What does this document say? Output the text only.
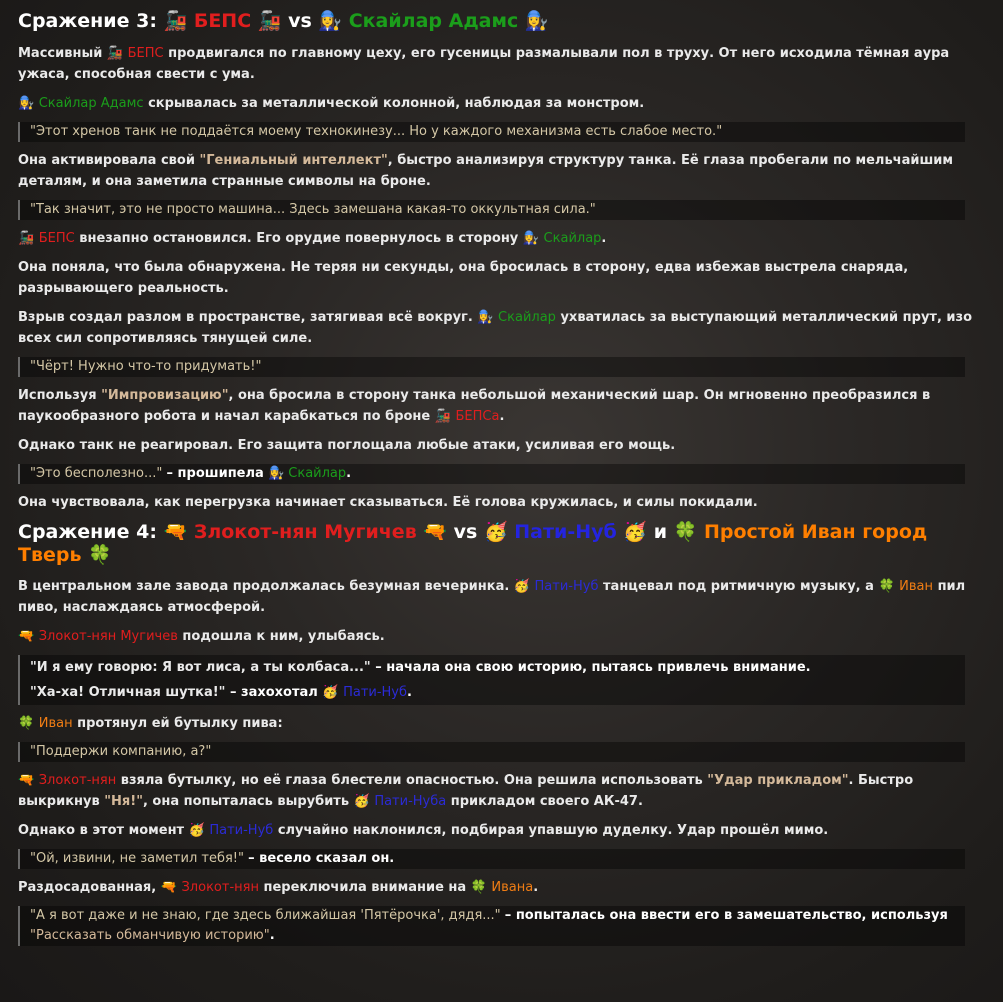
Сражение 3: 🚂 БЕПС 🚂 vs 👩‍🔧 Скайлар Адамс 👩‍🔧

Массивный 🚂 БЕПС продвигался по главному цеху, его гусеницы размалывали пол в труху. От него исходила тёмная аура ужаса, способная свести с ума.

👩‍🔧 Скайлар Адамс скрывалась за металлической колонной, наблюдая за монстром.

"Этот хренов танк не поддаётся моему технокинезу... Но у каждого механизма есть слабое место."

Она активировала свой "Гениальный интеллект", быстро анализируя структуру танка. Её глаза пробегали по мельчайшим деталям, и она заметила странные символы на броне.

"Так значит, это не просто машина... Здесь замешана какая-то оккультная сила."

🚂 БЕПС внезапно остановился. Его орудие повернулось в сторону 👩‍🔧 Скайлар.

Она поняла, что была обнаружена. Не теряя ни секунды, она бросилась в сторону, едва избежав выстрела снаряда, разрывающего реальность.

Взрыв создал разлом в пространстве, затягивая всё вокруг. 👩‍🔧 Скайлар ухватилась за выступающий металлический прут, изо всех сил сопротивляясь тянущей силе.

"Чёрт! Нужно что-то придумать!"

Используя "Импровизацию", она бросила в сторону танка небольшой механический шар. Он мгновенно преобразился в паукообразного робота и начал карабкаться по броне 🚂 БЕПСа.

Однако танк не реагировал. Его защита поглощала любые атаки, усиливая его мощь.

"Это бесполезно..." – прошипела 👩‍🔧 Скайлар.

Она чувствовала, как перегрузка начинает сказываться. Её голова кружилась, и силы покидали.

Сражение 4: 🔫 Злокот-нян Мугичев 🔫 vs 🥳 Пати-Нуб 🥳 и 🍀 Простой Иван город Тверь 🍀

В центральном зале завода продолжалась безумная вечеринка. 🥳 Пати-Нуб танцевал под ритмичную музыку, а 🍀 Иван пил пиво, наслаждаясь атмосферой.

🔫 Злокот-нян Мугичев подошла к ним, улыбаясь.

"И я ему говорю: Я вот лиса, а ты колбаса..." – начала она свою историю, пытаясь привлечь внимание.

"Ха-ха! Отличная шутка!" – захохотал 🥳 Пати-Нуб.

🍀 Иван протянул ей бутылку пива:

"Поддержи компанию, а?"

🔫 Злокот-нян взяла бутылку, но её глаза блестели опасностью. Она решила использовать "Удар прикладом". Быстро выкрикнув "Ня!", она попыталась вырубить 🥳 Пати-Нуба прикладом своего АК-47.

Однако в этот момент 🥳 Пати-Нуб случайно наклонился, подбирая упавшую дуделку. Удар прошёл мимо.

"Ой, извини, не заметил тебя!" – весело сказал он.

Раздосадованная, 🔫 Злокот-нян переключила внимание на 🍀 Ивана.

"А я вот даже и не знаю, где здесь ближайшая 'Пятёрочка', дядя..." – попыталась она ввести его в замешательство, используя "Рассказать обманчивую историю".
